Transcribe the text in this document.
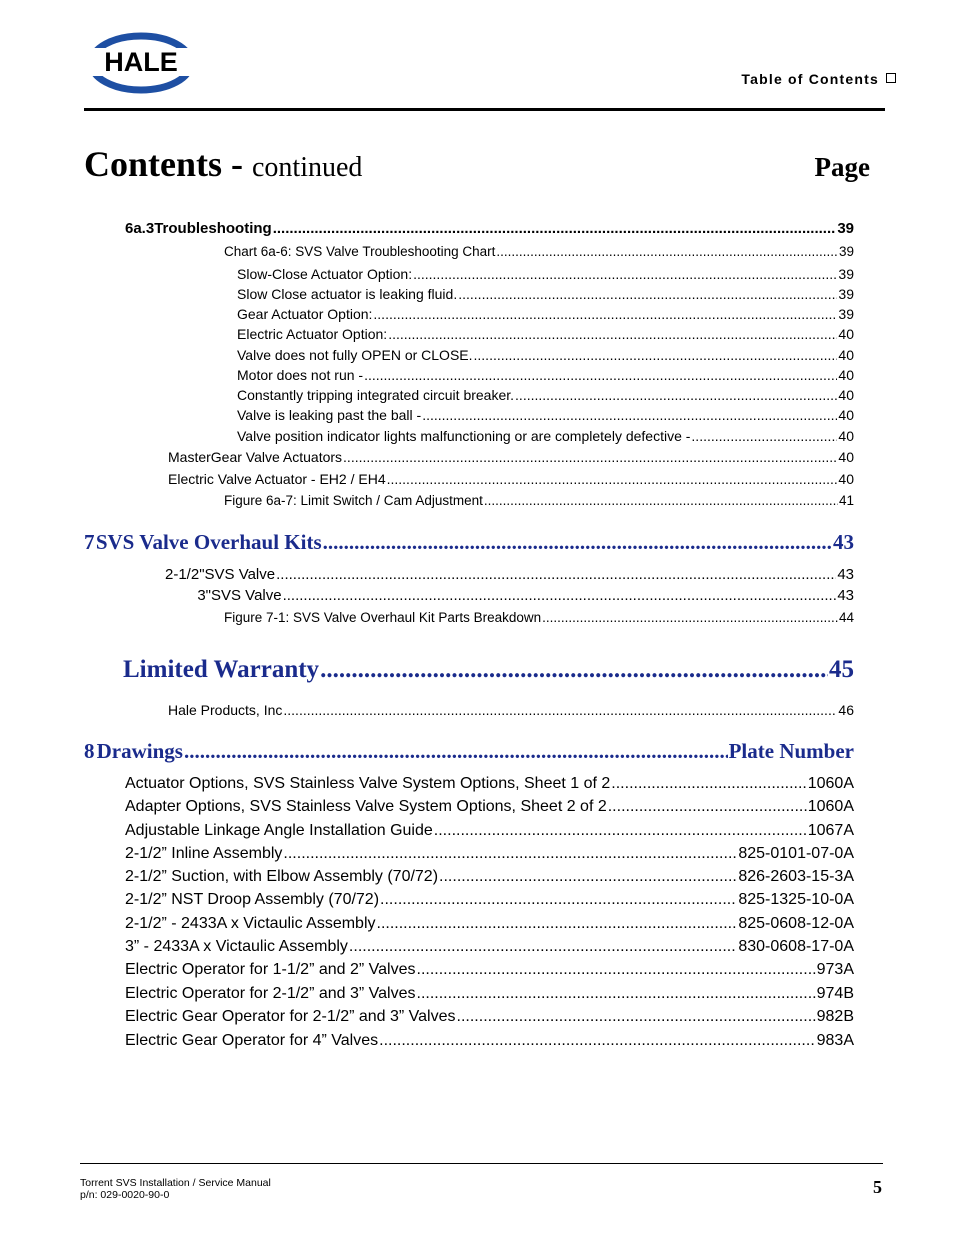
HALE
Table of Contents
Contents - continued	Page
6a.3 Troubleshooting .....	39
Chart 6a-6: SVS Valve Troubleshooting Chart .....	39
Slow-Close Actuator Option: .....	39
Slow Close actuator is leaking fluid. .....	39
Gear Actuator Option: .....	39
Electric Actuator Option: .....	40
Valve does not fully OPEN or CLOSE. .....	40
Motor does not run - .....	40
Constantly tripping integrated circuit breaker. .....	40
Valve is leaking past the ball - .....	40
Valve position indicator lights malfunctioning or are completely defective - .....	40
MasterGear Valve Actuators .....	40
Electric Valve Actuator - EH2 / EH4 .....	40
Figure 6a-7: Limit Switch / Cam Adjustment .....	41
7 SVS Valve Overhaul Kits .....	43
2-1/2" SVS Valve .....	43
3" SVS Valve .....	43
Figure 7-1: SVS Valve Overhaul Kit Parts Breakdown .....	44
Limited Warranty .....	45
Hale Products, Inc .....	46
8 Drawings .....	Plate Number
Actuator Options, SVS Stainless Valve System Options, Sheet 1 of 2 .....	1060A
Adapter Options, SVS Stainless Valve System Options, Sheet 2 of 2 .....	1060A
Adjustable Linkage Angle Installation Guide .....	1067A
2-1/2” Inline Assembly .....	825-0101-07-0A
2-1/2” Suction, with Elbow Assembly (70/72) .....	826-2603-15-3A
2-1/2” NST Droop Assembly (70/72) .....	825-1325-10-0A
2-1/2” - 2433A x Victaulic Assembly .....	825-0608-12-0A
3” - 2433A x Victaulic Assembly .....	830-0608-17-0A
Electric Operator for 1-1/2” and 2” Valves .....	973A
Electric Operator for 2-1/2” and 3” Valves .....	974B
Electric Gear Operator for 2-1/2” and 3” Valves .....	982B
Electric Gear Operator for 4” Valves .....	983A
Torrent SVS Installation / Service Manual
p/n: 029-0020-90-0	5
